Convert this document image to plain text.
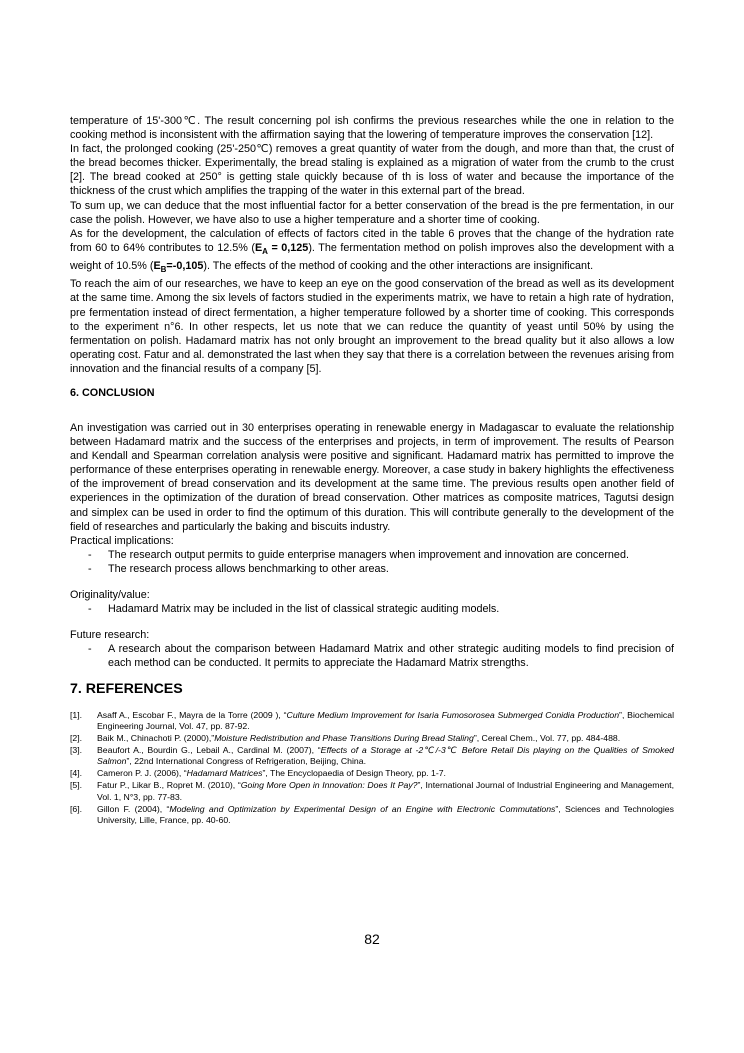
temperature of 15'-300℃. The result concerning pol ish confirms the previous researches while the one in relation to the cooking method is inconsistent with the affirmation saying that the lowering of temperature improves the conservation [12].

In fact, the prolonged cooking (25'-250℃) removes a great quantity of water from the dough, and more than that, the crust of the bread becomes thicker. Experimentally, the bread staling is explained as a migration of water from the crumb to the crust [2]. The bread cooked at 250° is getting stale quickly because of th is loss of water and because the importance of the thickness of the crust which amplifies the trapping of the water in this external part of the bread.

To sum up, we can deduce that the most influential factor for a better conservation of the bread is the pre fermentation, in our case the polish. However, we have also to use a higher temperature and a shorter time of cooking.

As for the development, the calculation of effects of factors cited in the table 6 proves that the change of the hydration rate from 60 to 64% contributes to 12.5% $(E_A = 0,125)$. The fermentation method on polish improves also the development with a weight of 10.5% $(E_B=-0,105)$. The effects of the method of cooking and the other interactions are insignificant.

To reach the aim of our researches, we have to keep an eye on the good conservation of the bread as well as its development at the same time. Among the six levels of factors studied in the experiments matrix, we have to retain a high rate of hydration, pre fermentation instead of direct fermentation, a higher temperature followed by a shorter time of cooking. This corresponds to the experiment n°6. In other respects, let us note that we can reduce the quantity of yeast until 50% by using the fermentation on polish. Hadamard matrix has not only brought an improvement to the bread quality but it also allows a low operating cost. Fatur and al. demonstrated the last when they say that there is a correlation between the revenues arising from innovation and the financial results of a company [5].

6. CONCLUSION

An investigation was carried out in 30 enterprises operating in renewable energy in Madagascar to evaluate the relationship between Hadamard matrix and the success of the enterprises and projects, in term of improvement. The results of Pearson and Kendall and Spearman correlation analysis were positive and significant. Hadamard matrix has permitted to improve the performance of these enterprises operating in renewable energy. Moreover, a case study in bakery highlights the effectiveness of the improvement of bread conservation and its development at the same time. The previous results open another field of experiences in the optimization of the duration of bread conservation. Other matrices as composite matrices, Tagutsi design and simplex can be used in order to find the optimum of this duration. This will contribute generally to the development of the field of researches and particularly the baking and biscuits industry.

Practical implications:

- The research output permits to guide enterprise managers when improvement and innovation are concerned.
- The research process allows benchmarking to other areas.

Originality/value:

- Hadamard Matrix may be included in the list of classical strategic auditing models.

Future research:

- A research about the comparison between Hadamard Matrix and other strategic auditing models to find precision of each method can be conducted. It permits to appreciate the Hadamard Matrix strengths.
7. REFERENCES
[1]. Asaff A., Escobar F., Mayra de la Torre (2009 ), “Culture Medium Improvement for Isaria Fumosorosea Submerged Conidia Production”, Biochemical Engineering Journal, Vol. 47, pp. 87-92.
[2]. Baik M., Chinachoti P. (2000),”Moisture Redistribution and Phase Transitions During Bread Staling”, Cereal Chem., Vol. 77, pp. 484-488.
[3]. Beaufort A., Bourdin G., Lebail A., Cardinal M. (2007), “Effects of a Storage at -2℃/-3℃ Before Retail Dis playing on the Qualities of Smoked Salmon”, 22nd International Congress of Refrigeration, Beijing, China.
[4]. Cameron P. J. (2006), “Hadamard Matrices”, The Encyclopaedia of Design Theory, pp. 1-7.
[5]. Fatur P., Likar B., Ropret M. (2010), “Going More Open in Innovation: Does It Pay?”, International Journal of Industrial Engineering and Management, Vol. 1, N°3, pp. 77-83.
[6]. Gillon F. (2004), “Modeling and Optimization by Experimental Design of an Engine with Electronic Commutations”, Sciences and Technologies University, Lille, France, pp. 40-60.
82
